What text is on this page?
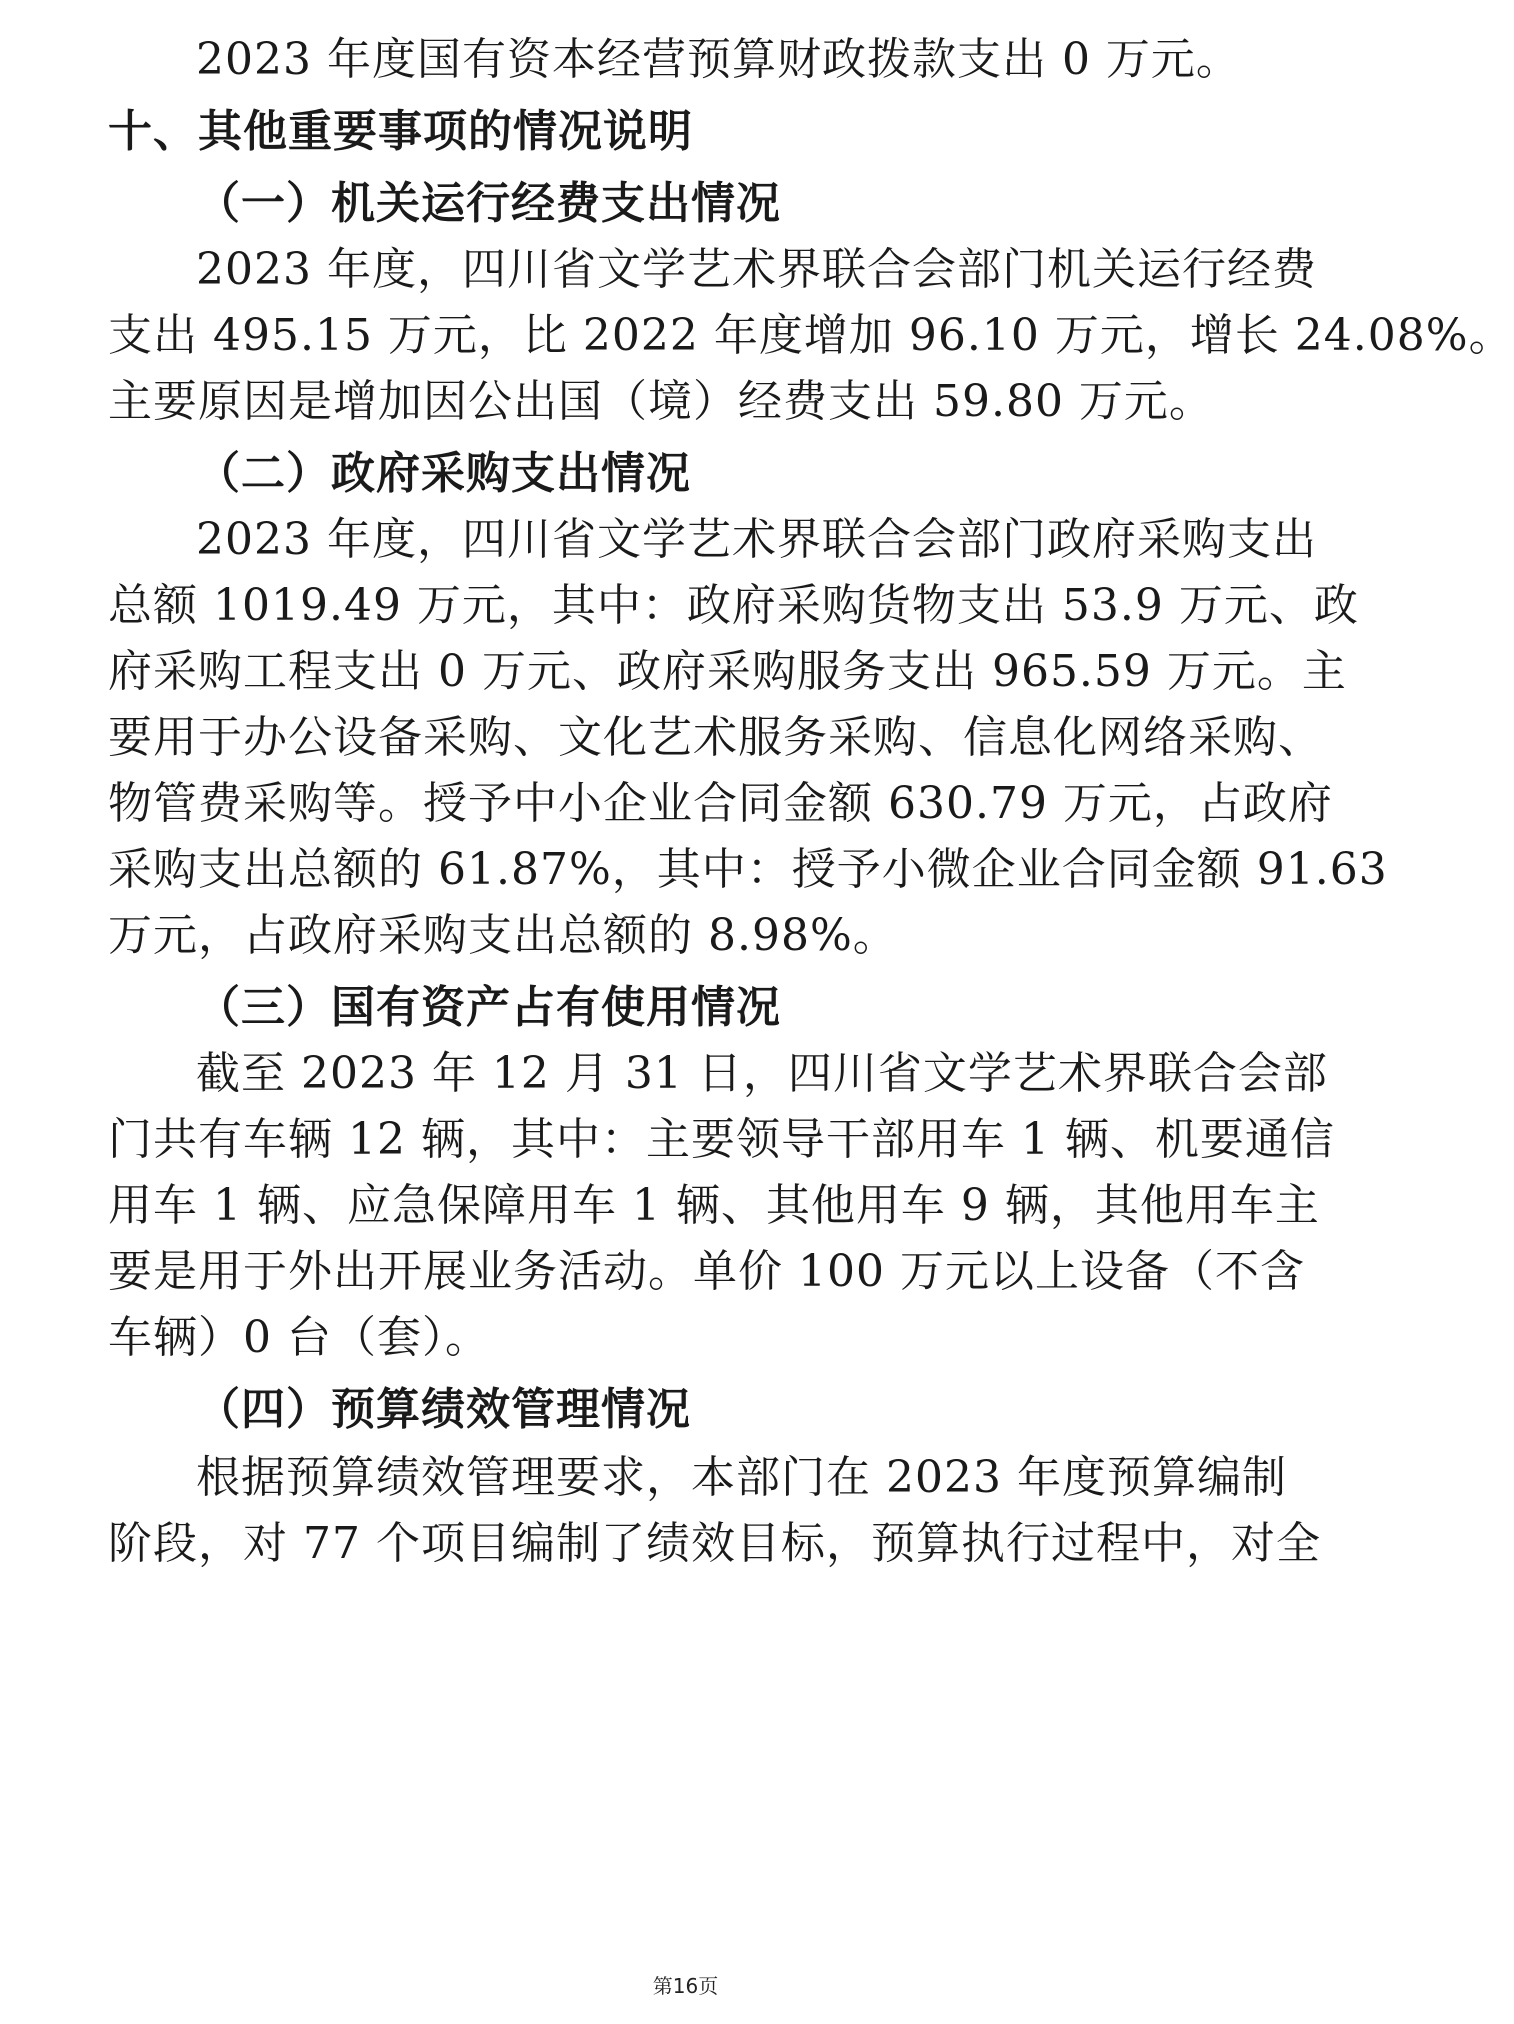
2023 年度国有资本经营预算财政拨款支出 0 万元。
十、其他重要事项的情况说明
（一）机关运行经费支出情况
2023 年度，四川省文学艺术界联合会部门机关运行经费
支出 495.15 万元，比 2022 年度增加 96.10 万元，增长 24.08%。
主要原因是增加因公出国（境）经费支出 59.80 万元。
（二）政府采购支出情况
2023 年度，四川省文学艺术界联合会部门政府采购支出
总额 1019.49 万元，其中：政府采购货物支出 53.9 万元、政
府采购工程支出 0 万元、政府采购服务支出 965.59 万元。主
要用于办公设备采购、文化艺术服务采购、信息化网络采购、
物管费采购等。授予中小企业合同金额 630.79 万元，占政府
采购支出总额的 61.87%，其中：授予小微企业合同金额 91.63
万元，占政府采购支出总额的 8.98%。
（三）国有资产占有使用情况
截至 2023 年 12 月 31 日，四川省文学艺术界联合会部
门共有车辆 12 辆，其中：主要领导干部用车 1 辆、机要通信
用车 1 辆、应急保障用车 1 辆、其他用车 9 辆，其他用车主
要是用于外出开展业务活动。单价 100 万元以上设备（不含
车辆）0 台（套）。
（四）预算绩效管理情况
根据预算绩效管理要求，本部门在 2023 年度预算编制
阶段，对 77 个项目编制了绩效目标，预算执行过程中，对全
第16页
